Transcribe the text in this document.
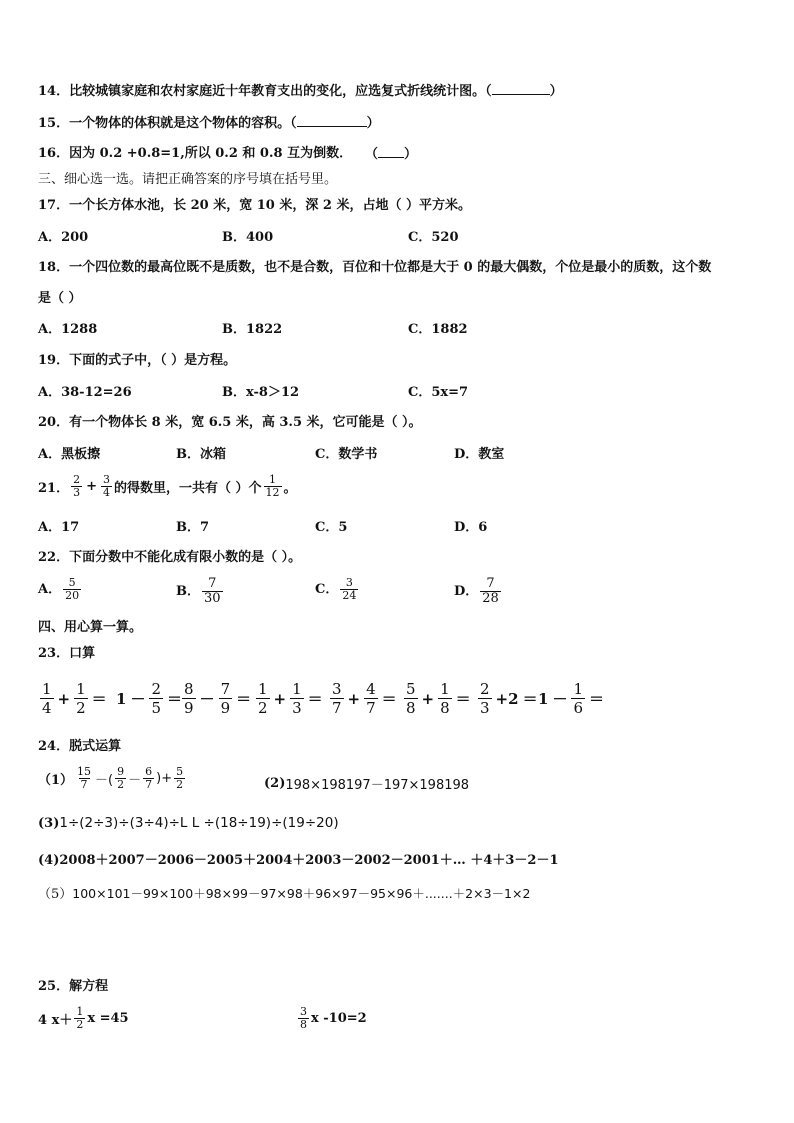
14．比较城镇家庭和农村家庭近十年教育支出的变化，应选复式折线统计图。（	）
15．一个物体的体积就是这个物体的容积。（	）
16．因为 0.2 +0.8=1,所以 0.2 和 0.8 互为倒数． （ ）
三、细心选一选。请把正确答案的序号填在括号里。
17．一个长方体水池，长 20 米，宽 10 米，深 2 米，占地（ ）平方米。
A．200	B．400	C．520
18．一个四位数的最高位既不是质数，也不是合数，百位和十位都是大于 0 的最大偶数，个位是最小的质数，这个数
是（ ）
A．1288	B．1822	C．1882
19．下面的式子中，（ ）是方程。
A．38-12=26	B．x-8＞12	C．5x=7
20．有一个物体长 8 米，宽 6.5 米，高 3.5 米，它可能是（ ）。
A．黑板擦	B．冰箱	C．数学书	D．教室
21． $\frac{2}{3} + \frac{3}{4}$ 的得数里，一共有（ ）个 $\frac{1}{12}$ 。
A．17	B．7	C．5	D．6
22．下面分数中不能化成有限小数的是（ ）。
A． $\frac{5}{20}$	B． $\frac{7}{30}$	C． $\frac{3}{24}$	D． $\frac{7}{28}$
四、用心算一算。
23．口算
$\frac{1}{4} + \frac{1}{2} = 1 - \frac{2}{5} = \frac{8}{9} - \frac{7}{9} = \frac{1}{2} + \frac{1}{3} = \frac{3}{7} + \frac{4}{7} = \frac{5}{8} + \frac{1}{8} = \frac{2}{3} +2 = 1 - \frac{1}{6}$ ＝
24．脱式运算
$(1) \frac{15}{7}$ －( $\frac{9}{2} - \frac{6}{7}$ )+ $\frac{5}{2}$	(2) 198×198197－197×198198
(3) 1÷(2÷3)÷(3÷4)÷L L ÷(18÷19)÷(19÷20)
(4)2008＋2007－2006－2005＋2004＋2003－2002－2001＋… ＋4＋3－2－1
（5） 100×101－99×100＋98×99－97×98＋96×97－95×96＋.......＋2×3－1×2
25．解方程
4 $x+ \frac{1}{2}$ x =45	$\frac{3}{8}$ x -10=2
